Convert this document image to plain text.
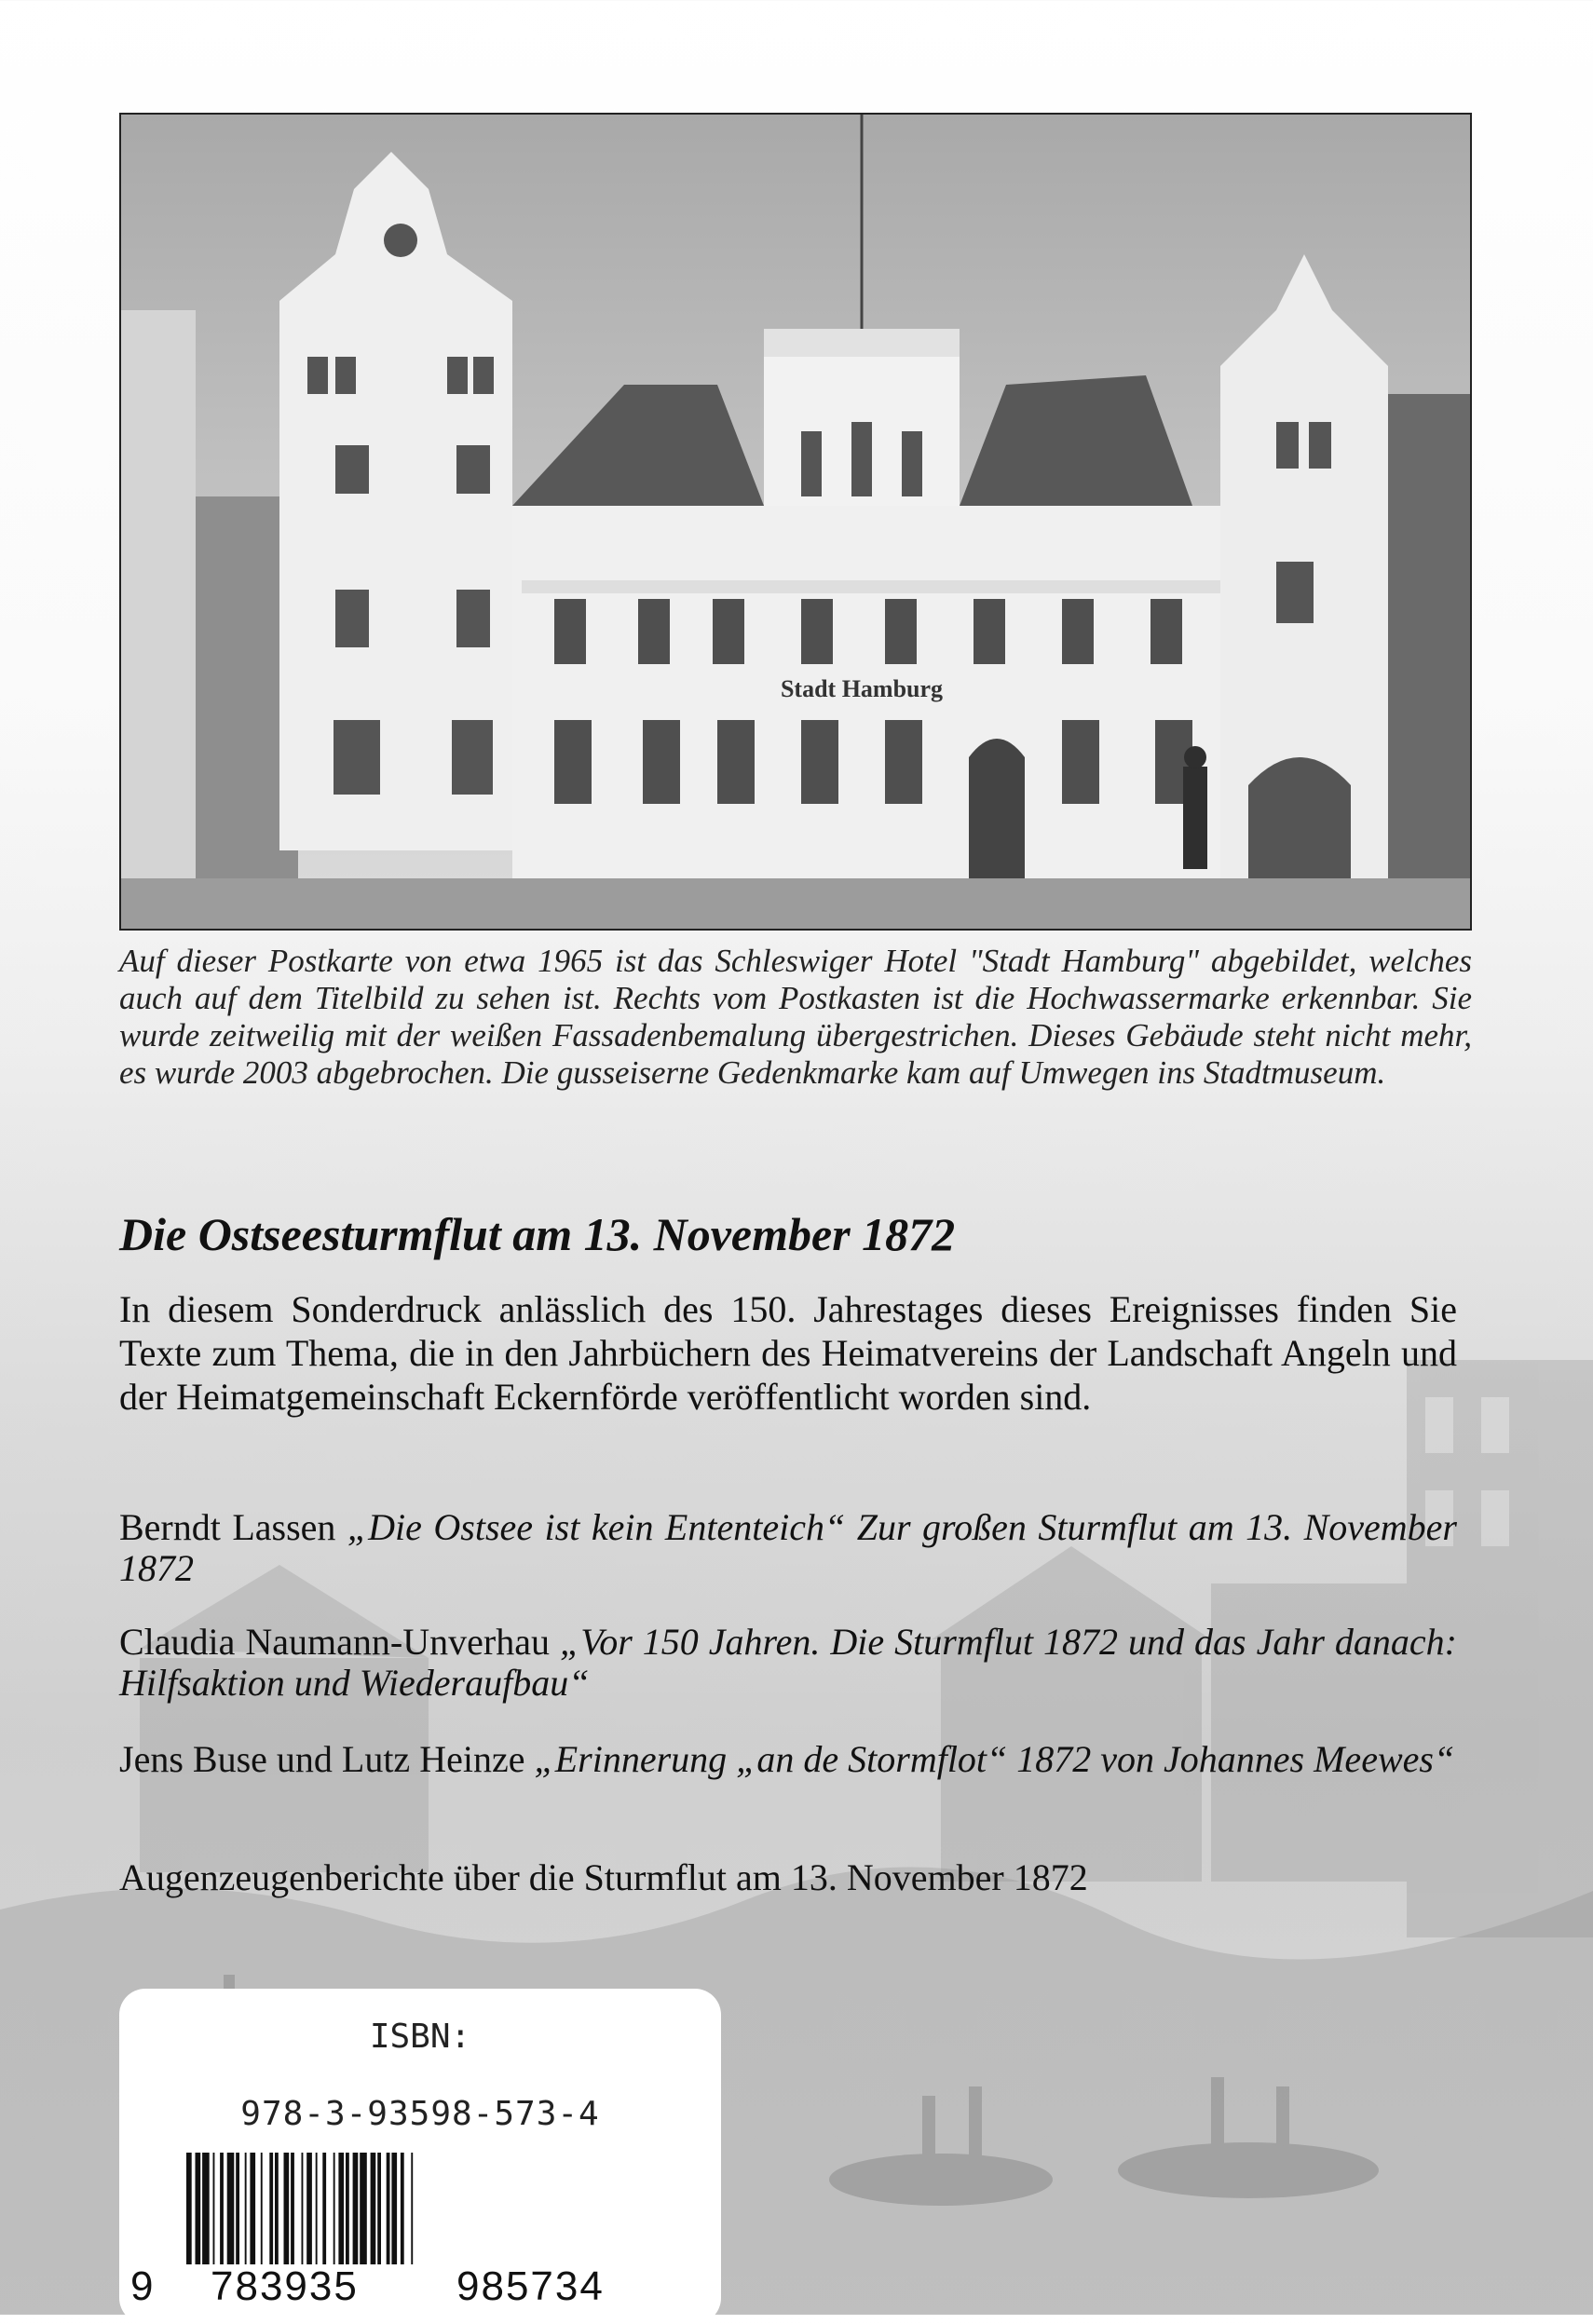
Stadt Hamburg
Auf dieser Postkarte von etwa 1965 ist das Schleswiger Hotel "Stadt Hamburg" abgebildet, welches auch auf dem Titelbild zu sehen ist. Rechts vom Postkasten ist die Hochwassermarke erkennbar. Sie wurde zeitweilig mit der weißen Fassadenbemalung übergestrichen. Dieses Gebäude steht nicht mehr, es wurde 2003 abgebrochen. Die gusseiserne Gedenkmarke kam auf Umwegen ins Stadtmuseum.
Die Ostseesturmflut am 13. November 1872
In diesem Sonderdruck anlässlich des 150. Jahrestages dieses Ereignisses finden Sie Texte zum Thema, die in den Jahrbüchern des Heimatvereins der Landschaft Angeln und der Heimatgemeinschaft Eckernförde veröffentlicht worden sind.
Berndt Lassen „Die Ostsee ist kein Ententeich“ Zur großen Sturmflut am 13. November 1872
Claudia Naumann-Unverhau „Vor 150 Jahren. Die Sturmflut 1872 und das Jahr danach: Hilfsaktion und Wiederaufbau“
Jens Buse und Lutz Heinze „Erinnerung „an de Stormflot“ 1872 von Johannes Meewes“
Augenzeugenberichte über die Sturmflut am 13. November 1872
ISBN:
978-3-93598-573-4
9 783935 985734
